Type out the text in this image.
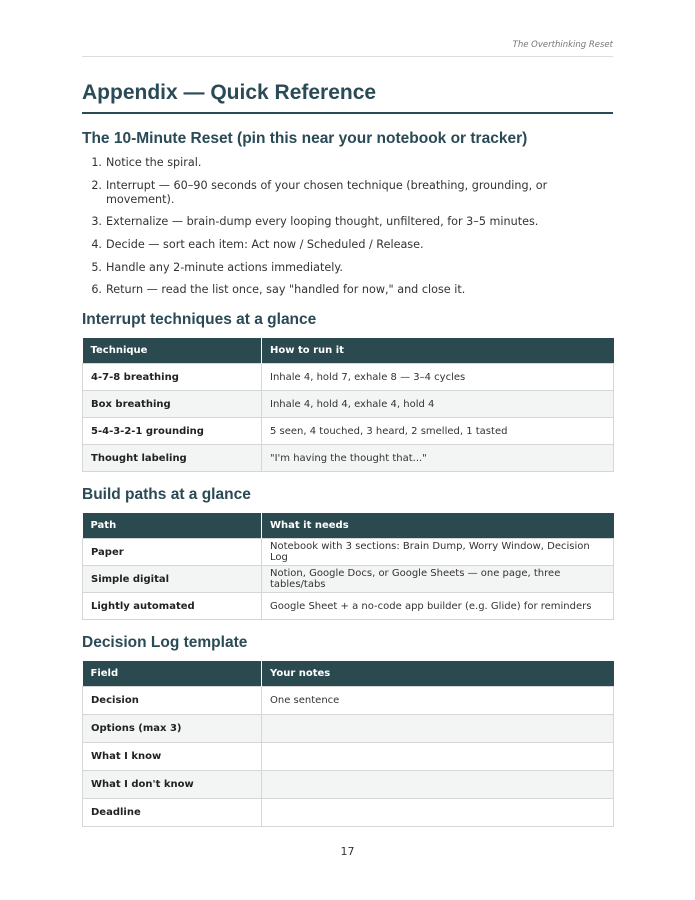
The Overthinking Reset
Appendix — Quick Reference
The 10-Minute Reset (pin this near your notebook or tracker)
1. Notice the spiral.
2. Interrupt — 60–90 seconds of your chosen technique (breathing, grounding, or movement).
3. Externalize — brain-dump every looping thought, unfiltered, for 3–5 minutes.
4. Decide — sort each item: Act now / Scheduled / Release.
5. Handle any 2-minute actions immediately.
6. Return — read the list once, say "handled for now," and close it.
Interrupt techniques at a glance
Technique	How to run it
4-7-8 breathing	Inhale 4, hold 7, exhale 8 — 3–4 cycles
Box breathing	Inhale 4, hold 4, exhale 4, hold 4
5-4-3-2-1 grounding	5 seen, 4 touched, 3 heard, 2 smelled, 1 tasted
Thought labeling	"I'm having the thought that..."
Build paths at a glance
Path	What it needs
Paper	Notebook with 3 sections: Brain Dump, Worry Window, Decision Log
Simple digital	Notion, Google Docs, or Google Sheets — one page, three tables/tabs
Lightly automated	Google Sheet + a no-code app builder (e.g. Glide) for reminders
Decision Log template
Field	Your notes
Decision	One sentence
Options (max 3)	
What I know	
What I don't know	
Deadline	
17
